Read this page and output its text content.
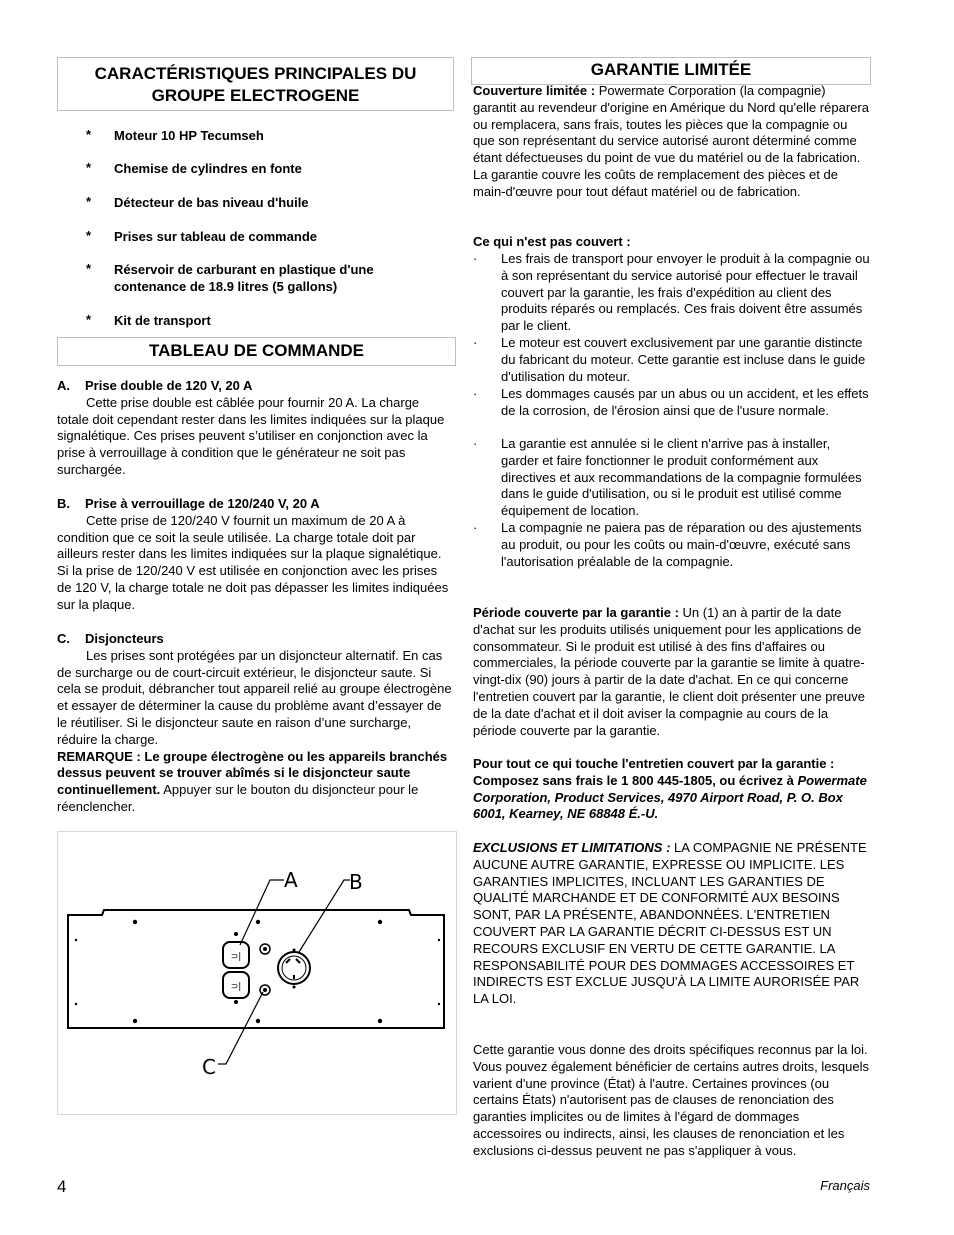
CARACTÉRISTIQUES PRINCIPALES DU GROUPE ELECTROGENE
* Moteur 10 HP Tecumseh
* Chemise de cylindres en fonte
* Détecteur de bas niveau d'huile
* Prises sur tableau de commande
* Réservoir de carburant en plastique d'une contenance de 18.9 litres (5 gallons)
* Kit de transport
TABLEAU DE COMMANDE
A. Prise double de 120 V, 20 A
Cette prise double est câblée pour fournir 20 A. La charge totale doit cependant rester dans les limites indiquées sur la plaque signalétique. Ces prises peuvent s’utiliser en conjonction avec la prise à verrouillage à condition que le générateur ne soit pas surchargée.
B. Prise à verrouillage de 120/240 V, 20 A
Cette prise de 120/240 V fournit un maximum de 20 A à condition que ce soit la seule utilisée. La charge totale doit par ailleurs rester dans les limites indiquées sur la plaque signalétique. Si la prise de 120/240 V est utilisée en conjonction avec les prises de 120 V, la charge totale ne doit pas dépasser les limites indiquées sur la plaque.
C. Disjoncteurs
Les prises sont protégées par un disjoncteur alternatif. En cas de surcharge ou de court-circuit extérieur, le disjoncteur saute. Si cela se produit, débrancher tout appareil relié au groupe électrogène et essayer de déterminer la cause du problème avant d’essayer de le réutiliser. Si le disjoncteur saute en raison d’une surcharge, réduire la charge.
REMARQUE : Le groupe électrogène ou les appareils branchés dessus peuvent se trouver abîmés si le disjoncteur saute continuellement. Appuyer sur le bouton du disjoncteur pour le réenclencher.
⊃|
⊃|
A	B
C
GARANTIE LIMITÉE
Couverture limitée : Powermate Corporation (la compagnie) garantit au revendeur d'origine en Amérique du Nord qu'elle réparera ou remplacera, sans frais, toutes les pièces que la compagnie ou que son représentant du service autorisé auront déterminé comme étant défectueuses du point de vue du matériel ou de la fabrication. La garantie couvre les coûts de remplacement des pièces et de main-d'œuvre pour tout défaut matériel ou de fabrication.
Ce qui n'est pas couvert :
· Les frais de transport pour envoyer le produit à la compagnie ou à son représentant du service autorisé pour effectuer le travail couvert par la garantie, les frais d'expédition au client des produits réparés ou remplacés. Ces frais doivent être assumés par le client.
· Le moteur est couvert exclusivement par une garantie distincte du fabricant du moteur. Cette garantie est incluse dans le guide d'utilisation du moteur.
· Les dommages causés par un abus ou un accident, et les effets de la corrosion, de l'érosion ainsi que de l'usure normale.
· La garantie est annulée si le client n'arrive pas à installer, garder et faire fonctionner le produit conformément aux directives et aux recommandations de la compagnie formulées dans le guide d'utilisation, ou si le produit est utilisé comme équipement de location.
· La compagnie ne paiera pas de réparation ou des ajustements au produit, ou pour les coûts ou main-d'œuvre, exécuté sans l'autorisation préalable de la compagnie.
Période couverte par la garantie : Un (1) an à partir de la date d'achat sur les produits utilisés uniquement pour les applications de consommateur. Si le produit est utilisé à des fins d'affaires ou commerciales, la période couverte par la garantie se limite à quatre-vingt-dix (90) jours à partir de la date d'achat. En ce qui concerne l'entretien couvert par la garantie, le client doit présenter une preuve de la date d'achat et il doit aviser la compagnie au cours de la période couverte par la garantie.
Pour tout ce qui touche l'entretien couvert par la garantie : Composez sans frais le 1 800 445-1805, ou écrivez à Powermate Corporation, Product Services, 4970 Airport Road, P. O. Box 6001, Kearney, NE 68848 É.-U.
EXCLUSIONS ET LIMITATIONS : LA COMPAGNIE NE PRÉSENTE AUCUNE AUTRE GARANTIE, EXPRESSE OU IMPLICITE. LES GARANTIES IMPLICITES, INCLUANT LES GARANTIES DE QUALITÉ MARCHANDE ET DE CONFORMITÉ AUX BESOINS SONT, PAR LA PRÉSENTE, ABANDONNÉES. L'ENTRETIEN COUVERT PAR LA GARANTIE DÉCRIT CI-DESSUS EST UN RECOURS EXCLUSIF EN VERTU DE CETTE GARANTIE. LA RESPONSABILITÉ POUR DES DOMMAGES ACCESSOIRES ET INDIRECTS EST EXCLUE JUSQU'À LA LIMITE AURORISÉE PAR LA LOI.
Cette garantie vous donne des droits spécifiques reconnus par la loi. Vous pouvez également bénéficier de certains autres droits, lesquels varient d'une province (État) à l'autre. Certaines provinces (ou certains États) n'autorisent pas de clauses de renonciation des garanties implicites ou de limites à l'égard de dommages accessoires ou indirects, ainsi, les clauses de renonciation et les exclusions ci-dessus peuvent ne pas s'appliquer à vous.
4	Français
